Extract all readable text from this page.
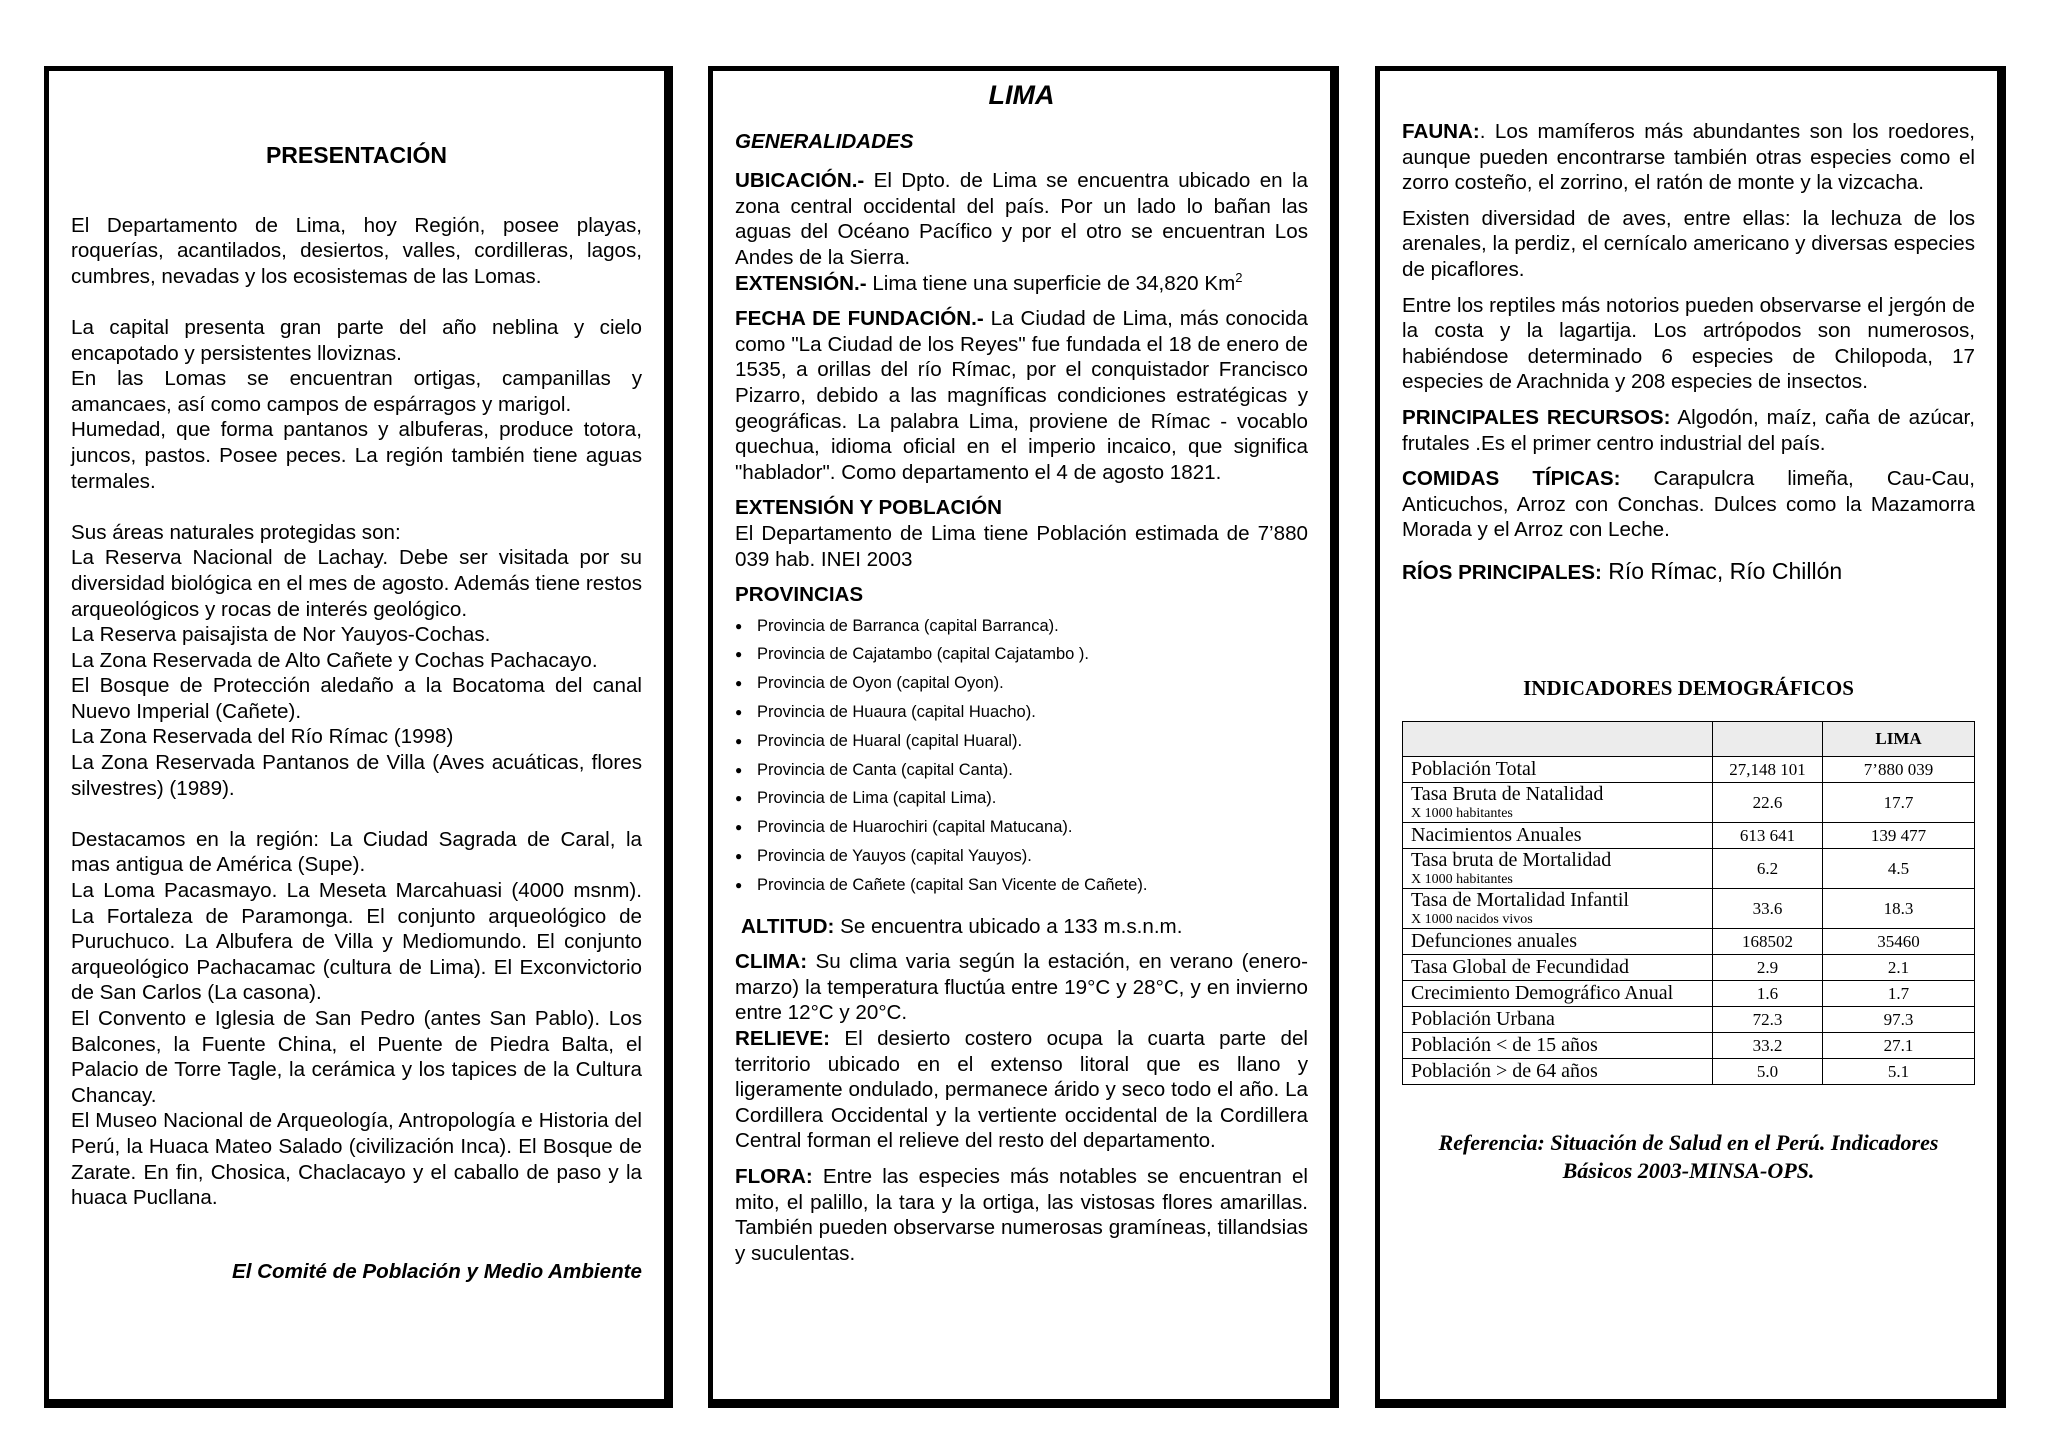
PRESENTACIÓN

El Departamento de Lima, hoy Región, posee playas, roquerías, acantilados, desiertos, valles, cordilleras, lagos, cumbres, nevadas y los ecosistemas de las Lomas.

La capital presenta gran parte del año neblina y cielo encapotado y persistentes lloviznas.

En las Lomas se encuentran ortigas, campanillas y amancaes, así como campos de espárragos y marigol.

Humedad, que forma pantanos y albuferas, produce totora, juncos, pastos. Posee peces. La región también tiene aguas termales.

Sus áreas naturales protegidas son:

La Reserva Nacional de Lachay. Debe ser visitada por su diversidad biológica en el mes de agosto. Además tiene restos arqueológicos y rocas de interés geológico.

La Reserva paisajista de Nor Yauyos-Cochas.

La Zona Reservada de Alto Cañete y Cochas Pachacayo.

El Bosque de Protección aledaño a la Bocatoma del canal Nuevo Imperial (Cañete).

La Zona Reservada del Río Rímac (1998)

La Zona Reservada Pantanos de Villa (Aves acuáticas, flores silvestres) (1989).

Destacamos en la región: La Ciudad Sagrada de Caral, la mas antigua de América (Supe).

La Loma Pacasmayo. La Meseta Marcahuasi (4000 msnm). La Fortaleza de Paramonga. El conjunto arqueológico de Puruchuco. La Albufera de Villa y Mediomundo. El conjunto arqueológico Pachacamac (cultura de Lima). El Exconvictorio de San Carlos (La casona).

El Convento e Iglesia de San Pedro (antes San Pablo). Los Balcones, la Fuente China, el Puente de Piedra Balta, el Palacio de Torre Tagle, la cerámica y los tapices de la Cultura Chancay.

El Museo Nacional de Arqueología, Antropología e Historia del Perú, la Huaca Mateo Salado (civilización Inca). El Bosque de Zarate. En fin, Chosica, Chaclacayo y el caballo de paso y la huaca Pucllana.

El Comité de Población y Medio Ambiente
LIMA
GENERALIDADES

UBICACIÓN.- El Dpto. de Lima se encuentra ubicado en la zona central occidental del país. Por un lado lo bañan las aguas del Océano Pacífico y por el otro se encuentran Los Andes de la Sierra.

EXTENSIÓN.- Lima tiene una superficie de 34,820 Km$^2$

FECHA DE FUNDACIÓN.- La Ciudad de Lima, más conocida como "La Ciudad de los Reyes" fue fundada el 18 de enero de 1535, a orillas del río Rímac, por el conquistador Francisco Pizarro, debido a las magníficas condiciones estratégicas y geográficas. La palabra Lima, proviene de Rímac - vocablo quechua, idioma oficial en el imperio incaico, que significa "hablador". Como departamento el 4 de agosto 1821.

EXTENSIÓN Y POBLACIÓN

El Departamento de Lima tiene Población estimada de 7’880 039 hab. INEI 2003

PROVINCIAS

● Provincia de Barranca (capital Barranca).
● Provincia de Cajatambo (capital Cajatambo ).
● Provincia de Oyon (capital Oyon).
● Provincia de Huaura (capital Huacho).
● Provincia de Huaral (capital Huaral).
● Provincia de Canta (capital Canta).
● Provincia de Lima (capital Lima).
● Provincia de Huarochiri (capital Matucana).
● Provincia de Yauyos (capital Yauyos).
● Provincia de Cañete (capital San Vicente de Cañete).

ALTITUD: Se encuentra ubicado a 133 m.s.n.m.

CLIMA: Su clima varia según la estación, en verano (enero-marzo) la temperatura fluctúa entre 19°C y 28°C, y en invierno entre 12°C y 20°C.

RELIEVE: El desierto costero ocupa la cuarta parte del territorio ubicado en el extenso litoral que es llano y ligeramente ondulado, permanece árido y seco todo el año. La Cordillera Occidental y la vertiente occidental de la Cordillera Central forman el relieve del resto del departamento.

FLORA: Entre las especies más notables se encuentran el mito, el palillo, la tara y la ortiga, las vistosas flores amarillas. También pueden observarse numerosas gramíneas, tillandsias y suculentas.

FAUNA:. Los mamíferos más abundantes son los roedores, aunque pueden encontrarse también otras especies como el zorro costeño, el zorrino, el ratón de monte y la vizcacha.

Existen diversidad de aves, entre ellas: la lechuza de los arenales, la perdiz, el cernícalo americano y diversas especies de picaflores.

Entre los reptiles más notorios pueden observarse el jergón de la costa y la lagartija. Los artrópodos son numerosos, habiéndose determinado 6 especies de Chilopoda, 17 especies de Arachnida y 208 especies de insectos.

PRINCIPALES RECURSOS: Algodón, maíz, caña de azúcar, frutales .Es el primer centro industrial del país.

COMIDAS TÍPICAS: Carapulcra limeña, Cau-Cau, Anticuchos, Arroz con Conchas. Dulces como la Mazamorra Morada y el Arroz con Leche.

RÍOS PRINCIPALES: Río Rímac, Río Chillón

INDICADORES DEMOGRÁFICOS
		LIMA
Población Total	27,148 101	7’880 039
Tasa Bruta de Natalidad
X 1000 habitantes	22.6	17.7
Nacimientos Anuales	613 641	139 477
Tasa bruta de Mortalidad
X 1000 habitantes	6.2	4.5
Tasa de Mortalidad Infantil
X 1000 nacidos vivos	33.6	18.3
Defunciones anuales	168502	35460
Tasa Global de Fecundidad	2.9	2.1
Crecimiento Demográfico Anual	1.6	1.7
Población Urbana	72.3	97.3
Población < de 15 años	33.2	27.1
Población > de 64 años	5.0	5.1
Referencia: Situación de Salud en el Perú. Indicadores Básicos 2003-MINSA-OPS.
